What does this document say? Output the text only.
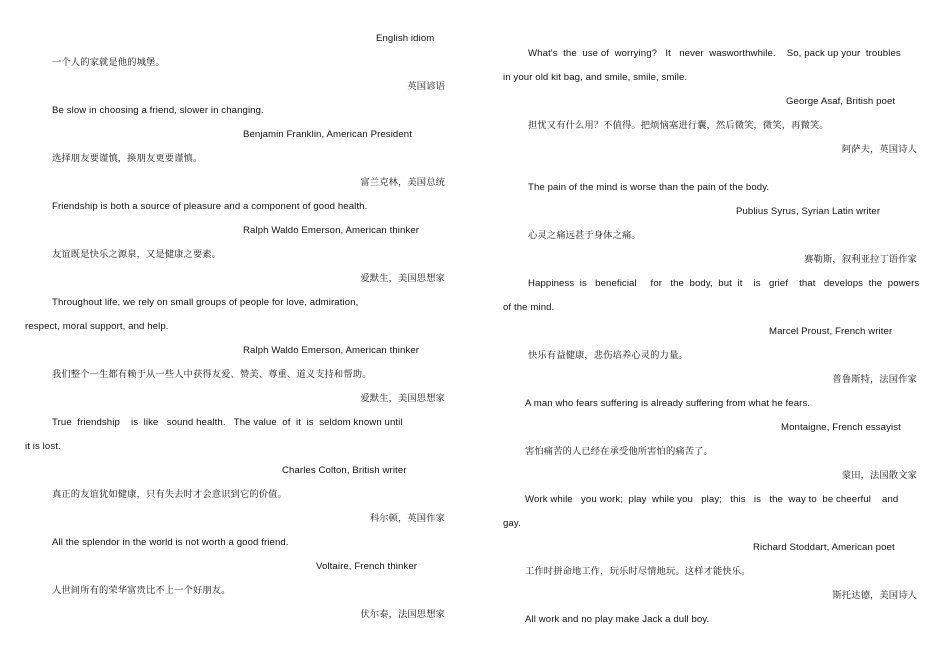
English idiom
一个人的家就是他的城堡。
英国谚语
Be slow in choosing a friend, slower in changing.
Benjamin Franklin, American President
选择朋友要谨慎，换朋友更要谨慎。
富兰克林，美国总统
Friendship is both a source of pleasure and a component of good health.
Ralph Waldo Emerson, American thinker
友谊既是快乐之源泉，又是健康之要素。
爱默生，美国思想家
Throughout life, we rely on small groups of people for love, admiration,
respect, moral support, and help.
Ralph Waldo Emerson, American thinker
我们整个一生都有赖于从一些人中获得友爱、赞美、尊重、道义支持和帮助。
爱默生，美国思想家
True  friendship    is  like   sound health.   The value  of  it  is  seldom known until
it is lost.
Charles Colton, British writer
真正的友谊犹如健康，只有失去时才会意识到它的价值。
科尔顿，英国作家
All the splendor in the world is not worth a good friend.
Voltaire, French thinker
人世间所有的荣华富贵比不上一个好朋友。
伏尔泰，法国思想家
What's  the  use of  worrying?   It   never  wasworthwhile.    So, pack up your  troubles
in your old kit bag, and smile, smile, smile.
George Asaf, British poet
担忧又有什么用？不值得。把烦恼塞进行囊，然后微笑，微笑，再微笑。
阿萨夫，英国诗人
The pain of the mind is worse than the pain of the body.
Publius Syrus, Syrian Latin writer
心灵之痛远甚于身体之痛。
赛勒斯，叙利亚拉丁语作家
Happiness  is   beneficial     for   the  body,  but  it    is   grief    that   develops  the  powers
of the mind.
Marcel Proust, French writer
快乐有益健康，悲伤培养心灵的力量。
普鲁斯特，法国作家
A man who fears suffering is already suffering from what he fears.
Montaigne, French essayist
害怕痛苦的人已经在承受他所害怕的痛苦了。
蒙田，法国散文家
Work while   you work;  play  while you   play;   this   is   the  way to  be cheerful    and
gay.
Richard Stoddart, American poet
工作时拼命地工作，玩乐时尽情地玩。这样才能快乐。
斯托达德，美国诗人
All work and no play make Jack a dull boy.
